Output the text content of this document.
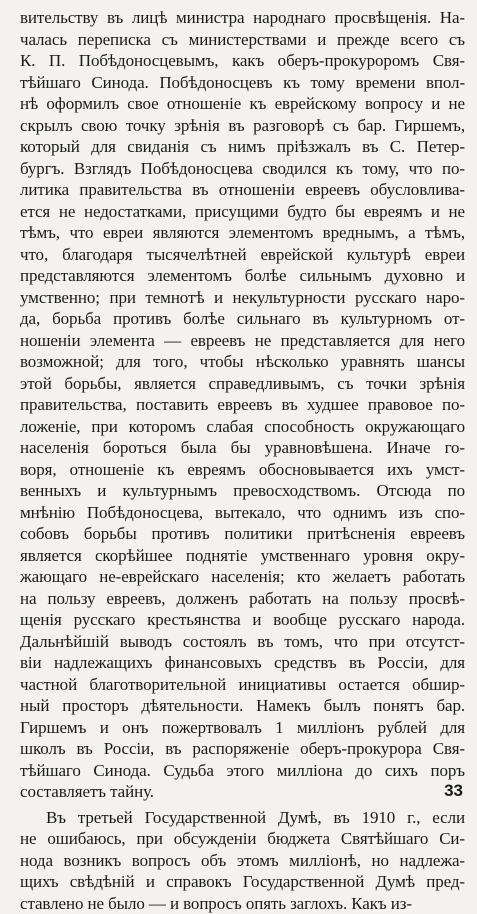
вительству въ лицѣ министра народнаго просвѣщенія. На-
чалась переписка съ министерствами и прежде всего съ
К. П. Побѣдоносцевымъ, какъ оберъ-прокуроромъ Свя-
тѣйшаго Синода. Побѣдоносцевъ къ тому времени впол-
нѣ оформилъ свое отношеніе къ еврейскому вопросу и не
скрылъ свою точку зрѣнія въ разговорѣ съ бар. Гиршемъ,
который для свиданія съ нимъ пріѣзжалъ въ С. Петер-
бургъ. Взглядъ Побѣдоносцева сводился къ тому, что по-
литика правительства въ отношеніи евреевъ обусловлива-
ется не недостатками, присущими будто бы евреямъ и не
тѣмъ, что евреи являются элементомъ вреднымъ, а тѣмъ,
что, благодаря тысячелѣтней еврейской культурѣ евреи
представляются элементомъ болѣе сильнымъ духовно и
умственно; при темнотѣ и некультурности русскаго наро-
да, борьба противъ болѣе сильнаго въ культурномъ от-
ношеніи элемента — евреевъ не представляется для него
возможной; для того, чтобы нѣсколько уравнять шансы
этой борьбы, является справедливымъ, съ точки зрѣнія
правительства, поставить евреевъ въ худшее правовое по-
ложеніе, при которомъ слабая способность окружающаго
населенія бороться была бы уравновѣшена. Иначе го-
воря, отношеніе къ евреямъ обосновывается ихъ умст-
венныхъ и культурнымъ превосходствомъ. Отсюда по
мнѣнію Побѣдоносцева, вытекало, что однимъ изъ спо-
собовъ борьбы противъ политики притѣсненія евреевъ
является скорѣйшее поднятіе умственнаго уровня окру-
жающаго не-еврейскаго населенія; кто желаетъ работать
на пользу евреевъ, долженъ работать на пользу просвѣ-
щенія русскаго крестьянства и вообще русскаго народа.
Дальнѣйшій выводъ состоялъ въ томъ, что при отсутст-
віи надлежащихъ финансовыхъ средствъ въ Россіи, для
частной благотворительной инициативы остается обшир-
ный просторъ дѣятельности. Намекъ былъ понятъ бар.
Гиршемъ и онъ пожертвовалъ 1 милліонъ рублей для
школъ въ Россіи, въ распоряженіе оберъ-прокурора Свя-
тѣйшаго Синода. Судьба этого милліона до сихъ поръ
составляетъ тайну.
Въ третьей Государственной Думѣ, въ 1910 г., если
не ошибаюсь, при обсужденіи бюджета Святѣйшаго Си-
нода возникъ вопросъ объ этомъ милліонѣ, но надлежа-
щихъ свѣдѣній и справокъ Государственной Думѣ пред-
ставлено не было — и вопросъ опять заглохъ. Какъ из-
33
